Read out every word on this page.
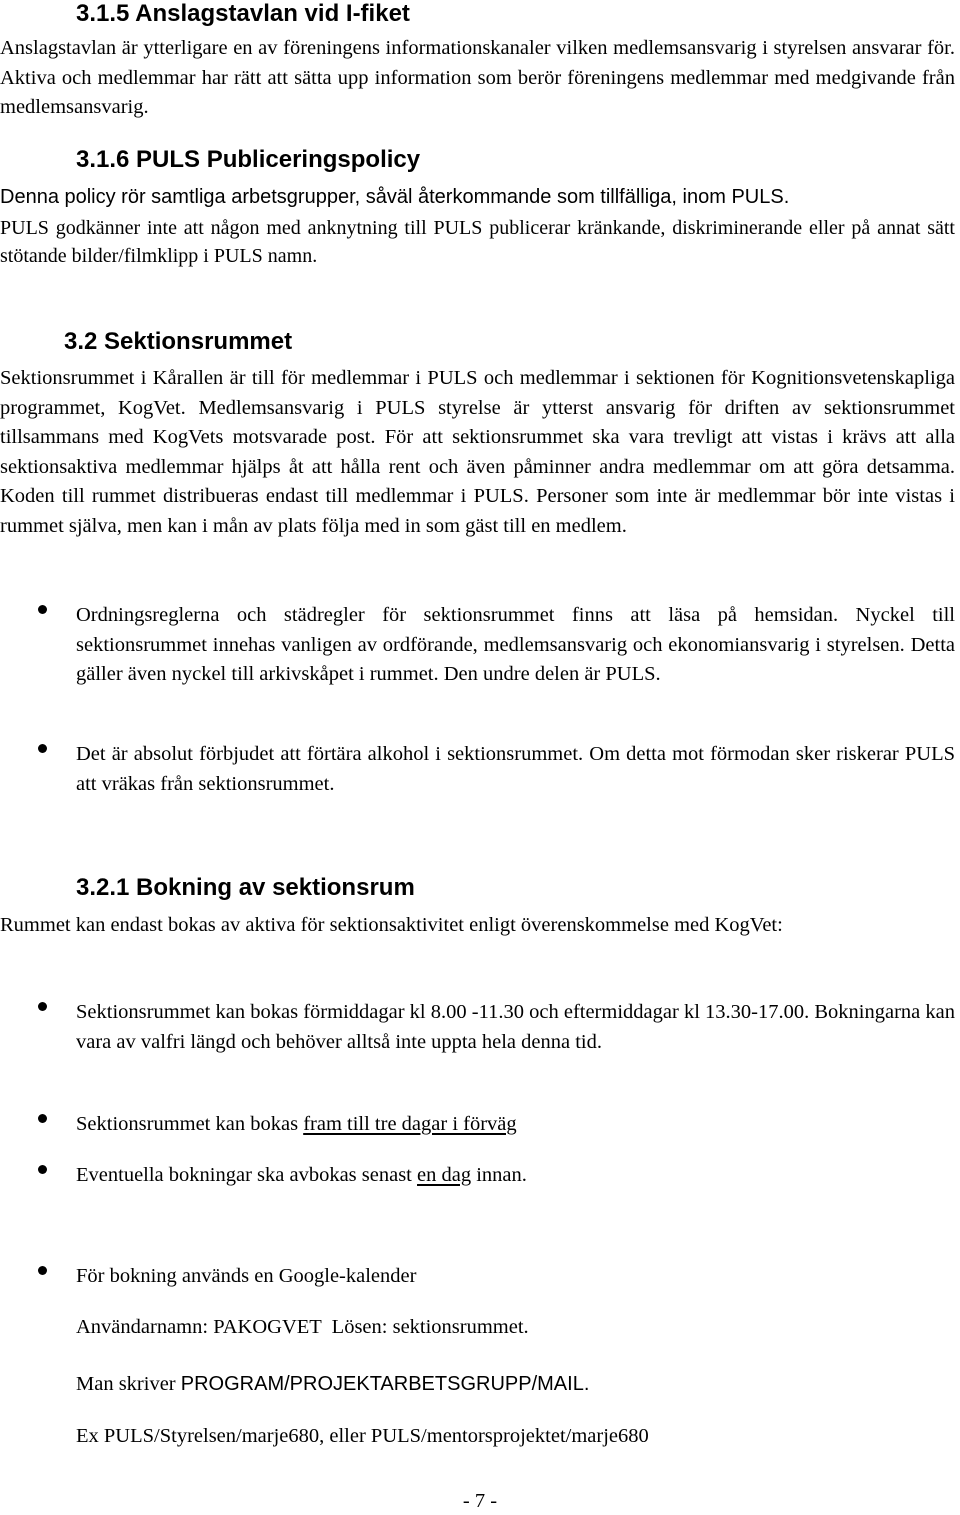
3.1.5 Anslagstavlan vid I-fiket

Anslagstavlan är ytterligare en av föreningens informationskanaler vilken medlemsansvarig i styrelsen ansvarar för. Aktiva och medlemmar har rätt att sätta upp information som berör föreningens medlemmar med medgivande från medlemsansvarig.

3.1.6 PULS Publiceringspolicy

Denna policy rör samtliga arbetsgrupper, såväl återkommande som tillfälliga, inom PULS.

PULS godkänner inte att någon med anknytning till PULS publicerar kränkande, diskriminerande eller på annat sätt stötande bilder/filmklipp i PULS namn.

3.2 Sektionsrummet

Sektionsrummet i Kårallen är till för medlemmar i PULS och medlemmar i sektionen för Kognitionsvetenskapliga programmet, KogVet. Medlemsansvarig i PULS styrelse är ytterst ansvarig för driften av sektionsrummet tillsammans med KogVets motsvarade post. För att sektionsrummet ska vara trevligt att vistas i krävs att alla sektionsaktiva medlemmar hjälps åt att hålla rent och även påminner andra medlemmar om att göra detsamma. Koden till rummet distribueras endast till medlemmar i PULS. Personer som inte är medlemmar bör inte vistas i rummet själva, men kan i mån av plats följa med in som gäst till en medlem.

Ordningsreglerna och städregler för sektionsrummet finns att läsa på hemsidan. Nyckel till sektionsrummet innehas vanligen av ordförande, medlemsansvarig och ekonomiansvarig i styrelsen. Detta gäller även nyckel till arkivskåpet i rummet. Den undre delen är PULS.

Det är absolut förbjudet att förtära alkohol i sektionsrummet. Om detta mot förmodan sker riskerar PULS att vräkas från sektionsrummet.

3.2.1 Bokning av sektionsrum

Rummet kan endast bokas av aktiva för sektionsaktivitet enligt överenskommelse med KogVet:

Sektionsrummet kan bokas förmiddagar kl 8.00 -11.30 och eftermiddagar kl 13.30-17.00. Bokningarna kan vara av valfri längd och behöver alltså inte uppta hela denna tid.

Sektionsrummet kan bokas fram till tre dagar i förväg

Eventuella bokningar ska avbokas senast en dag innan.

För bokning används en Google-kalender

Användarnamn: PAKOGVET  Lösen: sektionsrummet.

Man skriver PROGRAM/PROJEKTARBETSGRUPP/MAIL.

Ex PULS/Styrelsen/marje680, eller PULS/mentorsprojektet/marje680

- 7 -
